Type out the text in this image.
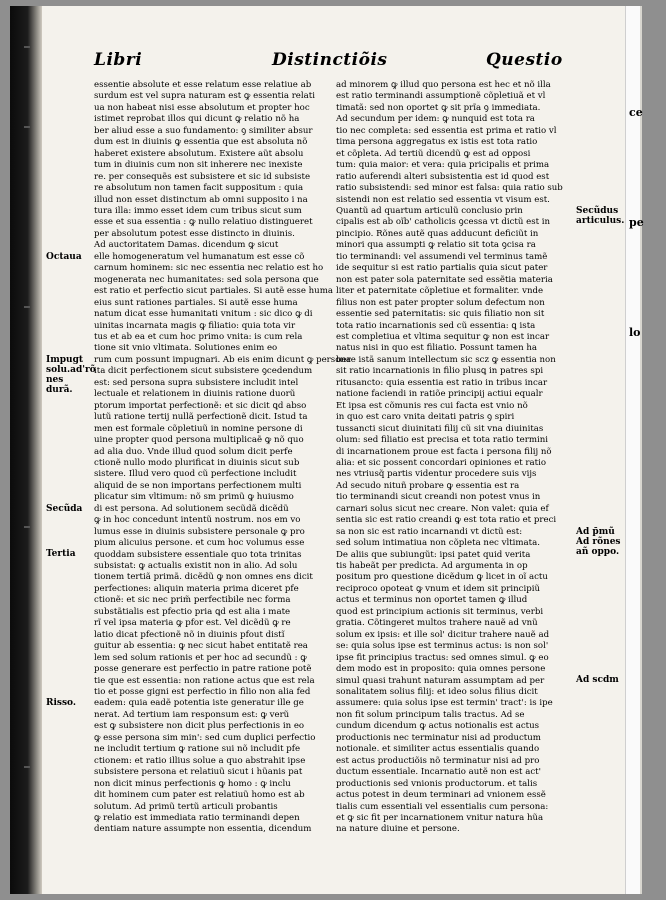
ce
pe
lo
Libri	Distinctiõis	Questio
essentie absolute et esse relatum esse relatiue ab
surdum est vel supra naturam est ꝙ essentia relati
ua non habeat nisi esse absolutum et propter hoc
istimet reprobat illos qui dicunt ꝙ relatio nõ ha
ber aliud esse a suo fundamento: ꝯ similiter absur
dum est in diuinis ꝙ essentia que est absoluta nõ
haberet existere absolutum. Existere aũt absolu
tum in diuinis cum non sit inherere nec inexiste
re. per consequẽs est subsistere et sic id subsiste
re absolutum non tamen facit suppositum : quia
illud non esset distinctum ab omni supposito i na
tura illa: immo esset idem cum tribus sicut sum
esse et sua essentia : ꝙ nullo relatiuo distingueret
per absolutum potest esse distincto in diuinis.
Ad auctoritatem Damas. dicendum ꝙ sicut
elle homogeneratum vel humanatum est esse cõ
carnum hominem: sic nec essentia nec relatio est ho
mogenerata nec humanitates: sed sola persona que
est ratio et perfectio sicut partiales. Si autẽ esse huma
eius sunt rationes partiales. Si autẽ esse huma
natum dicat esse humanitati vnitum : sic dico ꝙ di
uinitas incarnata magis ꝙ filiatio: quia tota vir
tus et ab ea et cum hoc primo vnita: is cum rela
tione sit vnio vltimata. Solutiones enim eo
rum cum possunt impugnari. Ab eis enim dicunt ꝙ persona
ita dicit perfectionem sicut subsistere ꝯcedendum
est: sed persona supra subsistere includit intel
lectuale et relationem in diuinis ratione duorũ
ptorum importat perfectionẽ: et sic dicit ꝗd abso
lutũ ratione tertij nullã perfectionẽ dicit. Istud ta
men est formale cõpletiuũ in nomine persone di
uine propter quod persona multiplicaẽ ꝙ nõ quo
ad alia duo. Vnde illud quod solum dicit perfe
ctionẽ nullo modo plurificat in diuinis sicut sub
sistere. Illud vero quod cũ perfectione includit
aliquid de se non importans perfectionem multi
plicatur sim vltimum: nõ sm primũ ꝙ huiusmo
di est persona. Ad solutionem secũdã dicẽdũ
ꝙ in hoc concedunt intentũ nostrum. nos em vo
lumus esse in diuinis subsistere personale ꝙ pro
pium alicuius persone. et cum hoc volumus esse
quoddam subsistere essentiale quo tota trinitas
subsistat: ꝙ actualis existit non in alio. Ad solu
tionem tertiã primã. dicẽdũ ꝙ non omnes ens dicit
perfectiones: aliquin materia prima diceret pfe
ctionẽ: et sic nec prim̃ perfectibile nec forma
substãtialis est pfectio pria ꝗd est alia i mate
rĩ vel ipsa materia ꝙ pfor est. Vel dicẽdũ ꝙ re
latio dicat pfectionẽ nõ in diuinis pfout distĩ
guitur ab essentia: ꝙ nec sicut habet entitatẽ rea
lem sed solum rationis et per hoc ad secundũ : ꝙ
posse generare est perfectio in patre ratione potẽ
tie que est essentia: non ratione actus que est rela
tio et posse gigni est perfectio in filio non alia fed
eadem: quia eadẽ potentia iste generatur ille ge
nerat. Ad tertium iam responsum est: ꝙ verũ
est ꝙ subsistere non dicit plus perfectionis in eo
ꝙ esse persona sim min': sed cum duplici perfectio
ne includit tertium ꝙ ratione sui nõ includit pfe
ctionem: et ratio illius solue a quo abstrahit ipse
subsistere persona et relatiuũ sicut i hũanis pat
non dicit minus perfectionis ꝙ homo : ꝙ inclu
dit hominem cum pater est relatiuũ homo est ab
solutum. Ad primũ tertũ articuli probantis
ꝙ relatio est immediata ratio terminandi depen
dentiam nature assumpte non essentia, dicendum
ad minorem ꝙ illud quo persona est hec et nõ illa
est ratio terminandi assumptionẽ cõpletiuã et vl
timatã: sed non oportet ꝙ sit prĩa ꝯ immediata.
Ad secundum per idem: ꝙ nunquid est tota ra
tio nec completa: sed essentia est prima et ratio vl
tima persona aggregatus ex istis est tota ratio
et cõpleta. Ad tertiũ dicendũ ꝙ est ad opposi
tum: quia maior: et vera: quia pricipalis et prima
ratio auferendi alteri subsistentia est id quod est
ratio subsistendi: sed minor est falsa: quia ratio sub
sistendi non est relatio sed essentia vt visum est.
Quantũ ad quartum articulũ conclusio prin
cipalis est ab oĩb' catholicis ꝯcessa vt dictũ est in
pincipio. Rõnes autẽ quas adducunt deficiũt in
minori qua assumpti ꝙ relatio sit tota ꝯcisa ra
tio terminandi: vel assumendi vel terminus tamẽ
ide sequitur si est ratio partialis quia sicut pater
non est pater sola paternitate sed essẽtia materia
liter et paternitate cõpletiue et formaliter. vnde
filius non est pater propter solum defectum non
essentie sed paternitatis: sic quis filiatio non sit
tota ratio incarnationis sed cũ essentia: ꝗ ista
est completiua et vltima sequitur ꝙ non est incar
natus nisi in quo est filiatio. Possunt tamen ha
bere istã sanum intellectum sic scz ꝙ essentia non
sit ratio incarnationis in filio plusꝗ in patres spi
ritusancto: quia essentia est ratio in tribus incar
natione faciendi in ratiõe principij actiui equalr
Et ipsa est cõmunis res cui facta est vnio nõ
in quo est caro vnita deitati patris ꝯ spiri
tussancti sicut diuinitati filij cũ sit vna diuinitas
olum: sed filiatio est precisa et tota ratio termini
di incarnationem proue est facta i persona filij nõ
alia: et sic possent concordari opiniones et ratio
nes vtriusq̃ partis videntur procedere suis vijs
Ad secudo nituñ probare ꝙ essentia est ra
tio terminandi sicut creandi non potest vnus in
carnari solus sicut nec creare. Non valet: quia ef
sentia sic est ratio creandi ꝙ est tota ratio et preci
sa non sic est ratio incarnandi vt dictũ est:
sed solum intimatiua non cõpleta nec vltimata.
De aliis que subiungũt: ipsi patet quid verita
tis habeãt per predicta. Ad argumenta in op
positum pro questione dicẽdum ꝙ licet in oĩ actu
reciproco opoteat ꝙ vnum et idem sit principiũ
actus et terminus non oportet tamen ꝙ illud
quod est principium actionis sit terminus, verbi
gratia. Cõtingeret multos trahere nauẽ ad vnũ
solum ex ipsis: et ille sol' dicitur trahere nauẽ ad
se: quia solus ipse est terminus actus: is non sol'
ipse fit principius tractus: sed omnes simul. ꝙ eo
dem modo est in proposito: quia omnes persone
simul quasi trahunt naturam assumptam ad per
sonalitatem solius filij: et ideo solus filius dicit
assumere: quia solus ipse est termin' tract': is ipe
non fit solum principum talis tractus. Ad se
cundum dicendum ꝙ actus notionalis est actus
productionis nec terminatur nisi ad productum
notionale. et similiter actus essentialis quando
est actus productiõis nõ terminatur nisi ad pro
ductum essentiale. Incarnatio autẽ non est act'
productionis sed vnionis productorum. et talis
actus potest in deum terminari ad vnionem essẽ
tialis cum essentiali vel essentialis cum persona:
et ꝙ sic fit per incarnationem vnitur natura hũa
na nature diuine et persone.
Octaua
Impugt solu.ad'rõ nes durã.
Secũda
Tertia
Risso.
Secũdus articulus.
Ad p̄mũ Ad rõnes añ oppo.
Ad scdm
